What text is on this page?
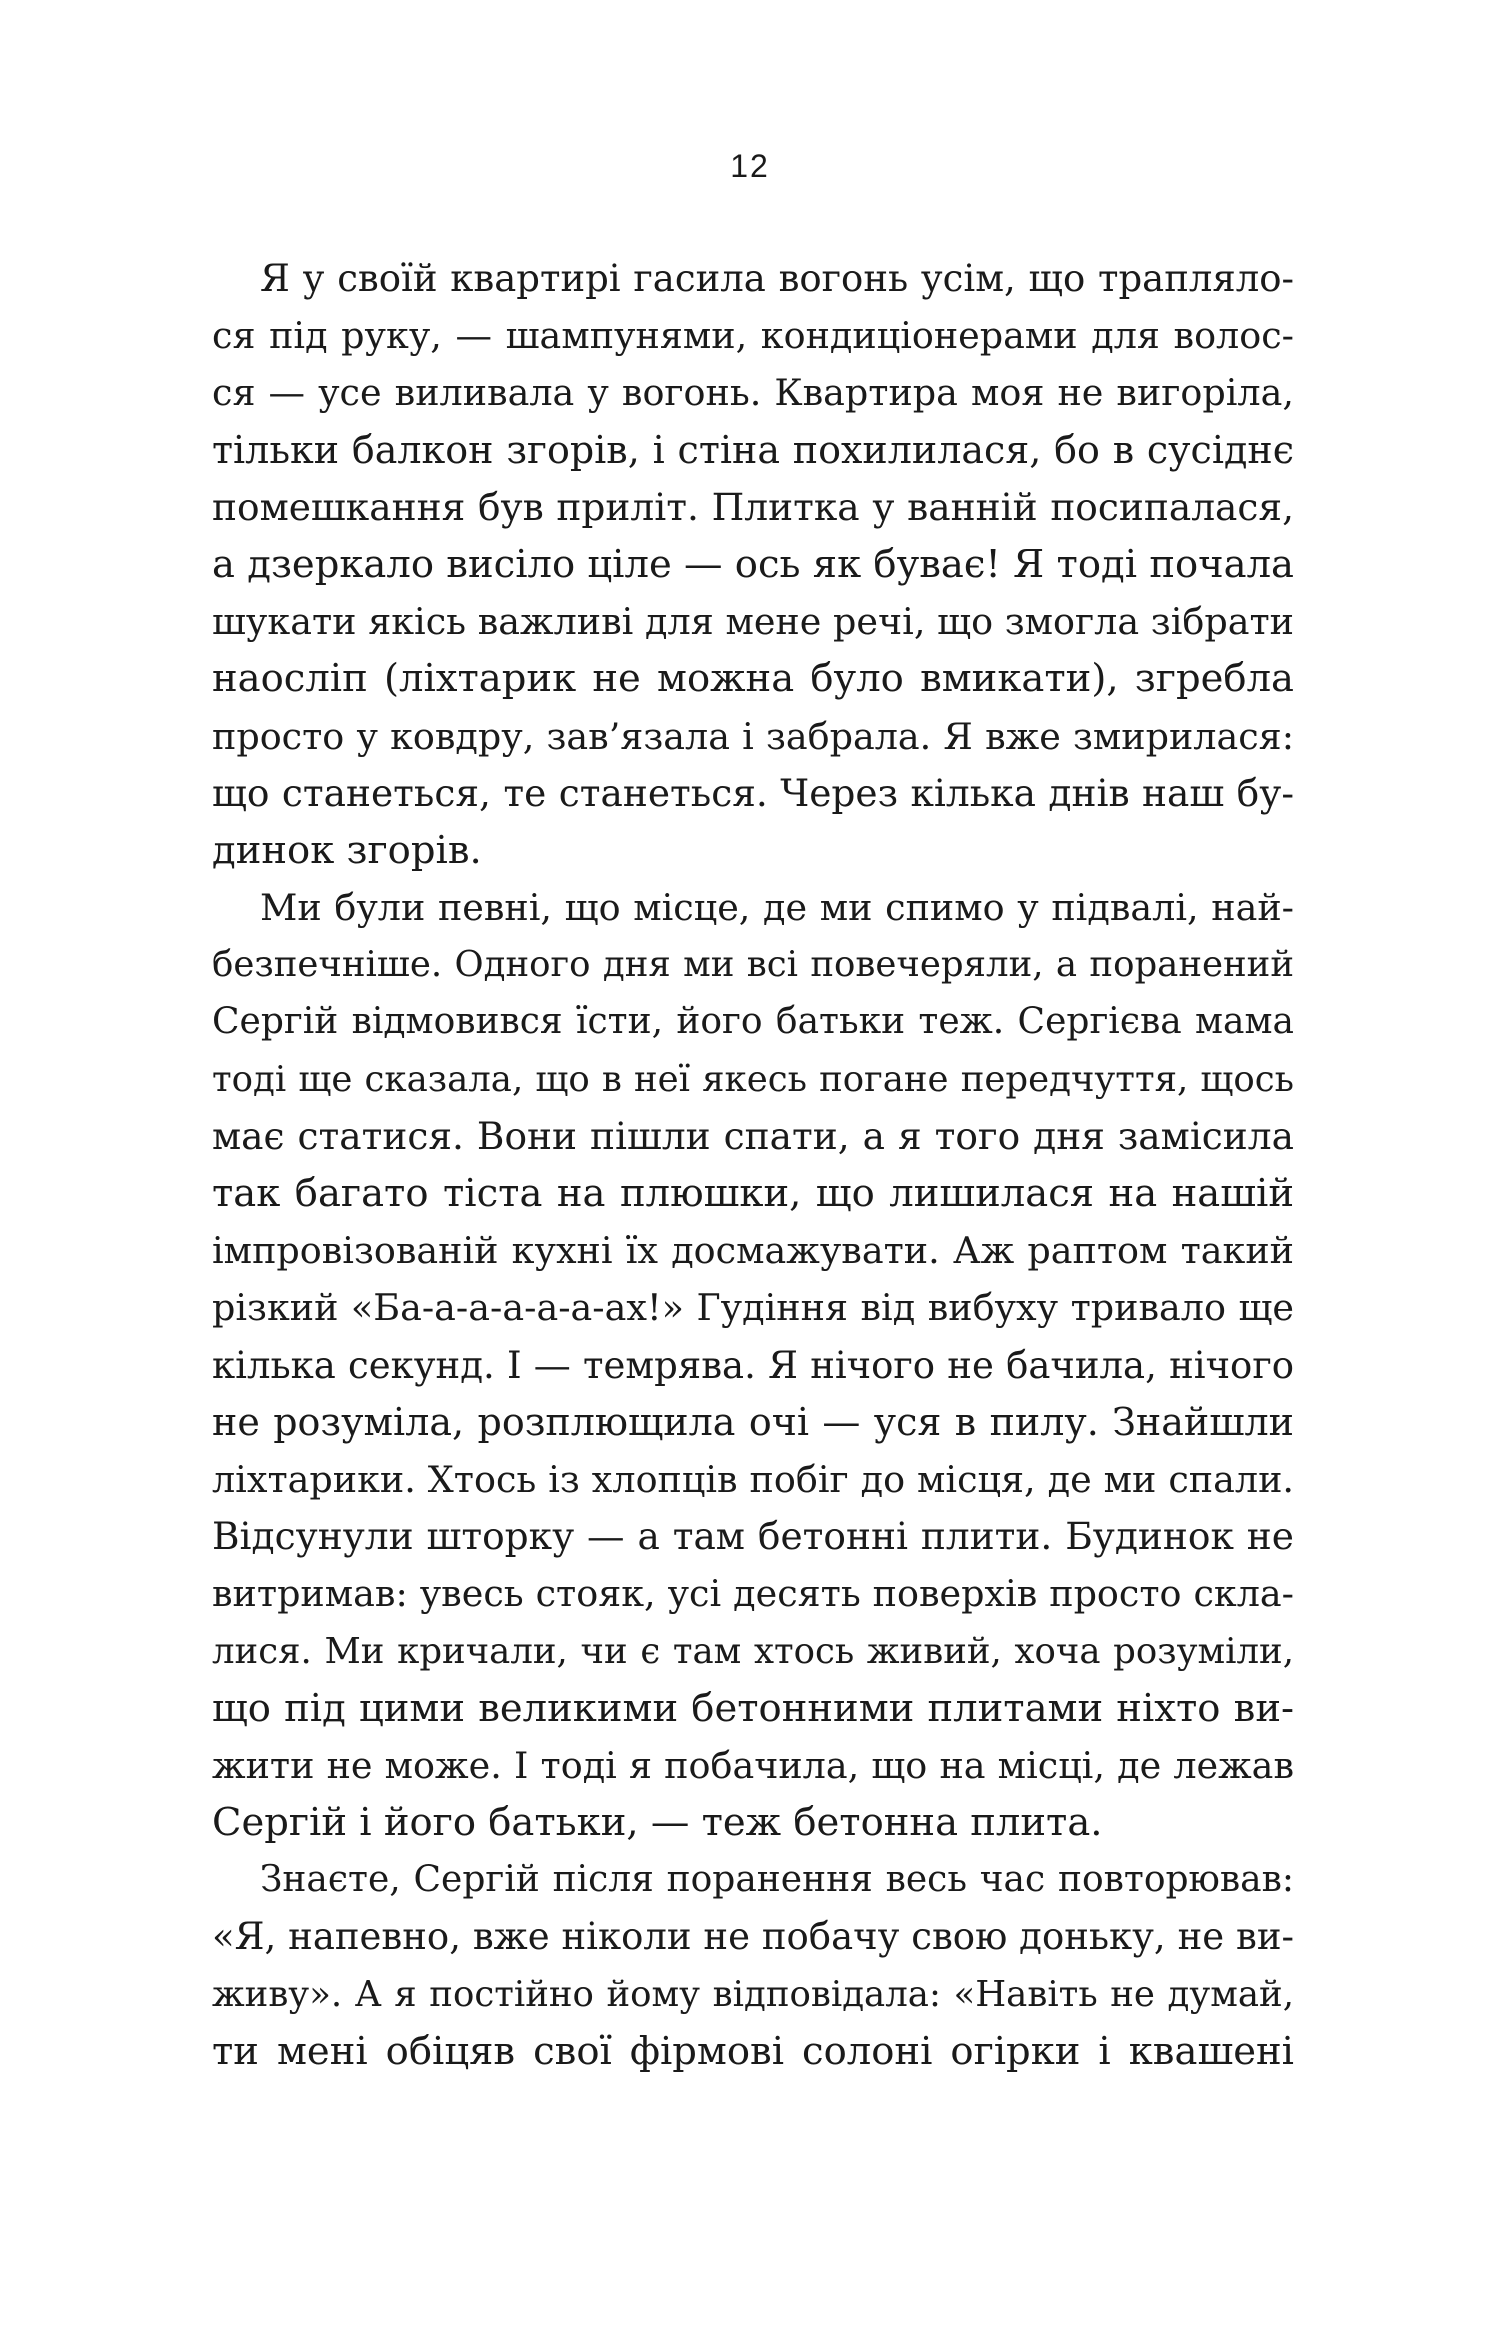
12
Я у своїй квартирі гасила вогонь усім, що трапляло-
ся під руку, — шампунями, кондиціонерами для волос-
ся — усе виливала у вогонь. Квартира моя не вигоріла,
тільки балкон згорів, і стіна похилилася, бо в сусіднє
помешкання був приліт. Плитка у ванній посипалася,
а дзеркало висіло ціле — ось як буває! Я тоді почала
шукати якісь важливі для мене речі, що змогла зібрати
наосліп (ліхтарик не можна було вмикати), згребла
просто у ковдру, зав’язала і забрала. Я вже змирилася:
що станеться, те станеться. Через кілька днів наш бу-
динок згорів.
Ми були певні, що місце, де ми спимо у підвалі, най-
безпечніше. Одного дня ми всі повечеряли, а поранений
Сергій відмовився їсти, його батьки теж. Сергієва мама
тоді ще сказала, що в неї якесь погане передчуття, щось
має статися. Вони пішли спати, а я того дня замісила
так багато тіста на плюшки, що лишилася на нашій
імпровізованій кухні їх досмажувати. Аж раптом такий
різкий «Ба-а-а-а-а-а-ах!» Гудіння від вибуху тривало ще
кілька секунд. І — темрява. Я нічого не бачила, нічого
не розуміла, розплющила очі — уся в пилу. Знайшли
ліхтарики. Хтось із хлопців побіг до місця, де ми спали.
Відсунули шторку — а там бетонні плити. Будинок не
витримав: увесь стояк, усі десять поверхів просто скла-
лися. Ми кричали, чи є там хтось живий, хоча розуміли,
що під цими великими бетонними плитами ніхто ви-
жити не може. І тоді я побачила, що на місці, де лежав
Сергій і його батьки, — теж бетонна плита.
Знаєте, Сергій після поранення весь час повторював:
«Я, напевно, вже ніколи не побачу свою доньку, не ви-
живу». А я постійно йому відповідала: «Навіть не думай,
ти мені обіцяв свої фірмові солоні огірки і квашені
